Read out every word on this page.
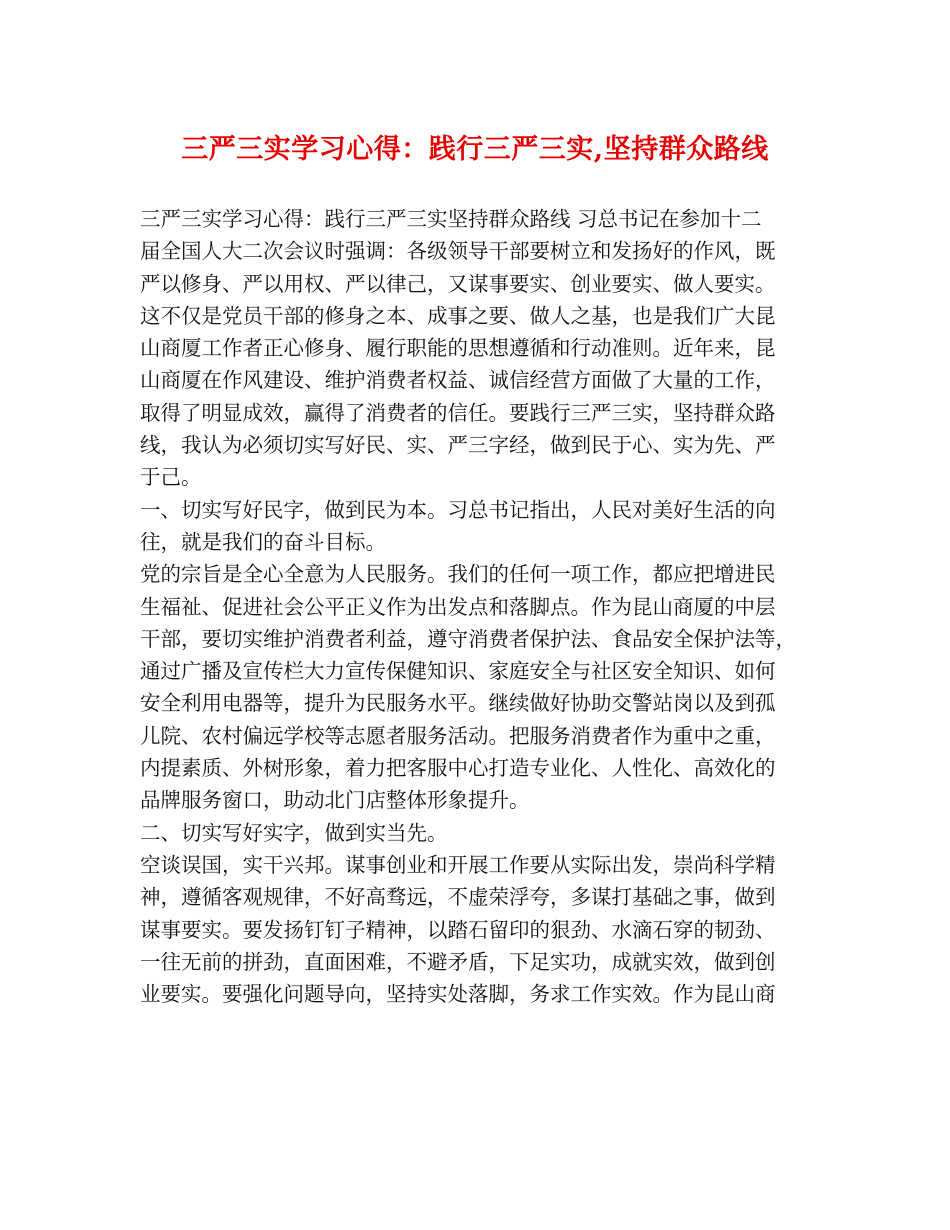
三严三实学习心得：践行三严三实,坚持群众路线
三严三实学习心得：践行三严三实坚持群众路线 习总书记在参加十二
届全国人大二次会议时强调：各级领导干部要树立和发扬好的作风，既
严以修身、严以用权、严以律己，又谋事要实、创业要实、做人要实。
这不仅是党员干部的修身之本、成事之要、做人之基，也是我们广大昆
山商厦工作者正心修身、履行职能的思想遵循和行动准则。近年来，昆
山商厦在作风建设、维护消费者权益、诚信经营方面做了大量的工作，
取得了明显成效，赢得了消费者的信任。要践行三严三实，坚持群众路
线，我认为必须切实写好民、实、严三字经，做到民于心、实为先、严
于己。
一、切实写好民字，做到民为本。习总书记指出，人民对美好生活的向
往，就是我们的奋斗目标。
党的宗旨是全心全意为人民服务。我们的任何一项工作，都应把增进民
生福祉、促进社会公平正义作为出发点和落脚点。作为昆山商厦的中层
干部，要切实维护消费者利益，遵守消费者保护法、食品安全保护法等，
通过广播及宣传栏大力宣传保健知识、家庭安全与社区安全知识、如何
安全利用电器等，提升为民服务水平。继续做好协助交警站岗以及到孤
儿院、农村偏远学校等志愿者服务活动。把服务消费者作为重中之重，
内提素质、外树形象，着力把客服中心打造专业化、人性化、高效化的
品牌服务窗口，助动北门店整体形象提升。
二、切实写好实字，做到实当先。
空谈误国，实干兴邦。谋事创业和开展工作要从实际出发，崇尚科学精
神，遵循客观规律，不好高骛远，不虚荣浮夸，多谋打基础之事，做到
谋事要实。要发扬钉钉子精神，以踏石留印的狠劲、水滴石穿的韧劲、
一往无前的拼劲，直面困难，不避矛盾，下足实功，成就实效，做到创
业要实。要强化问题导向，坚持实处落脚，务求工作实效。作为昆山商
